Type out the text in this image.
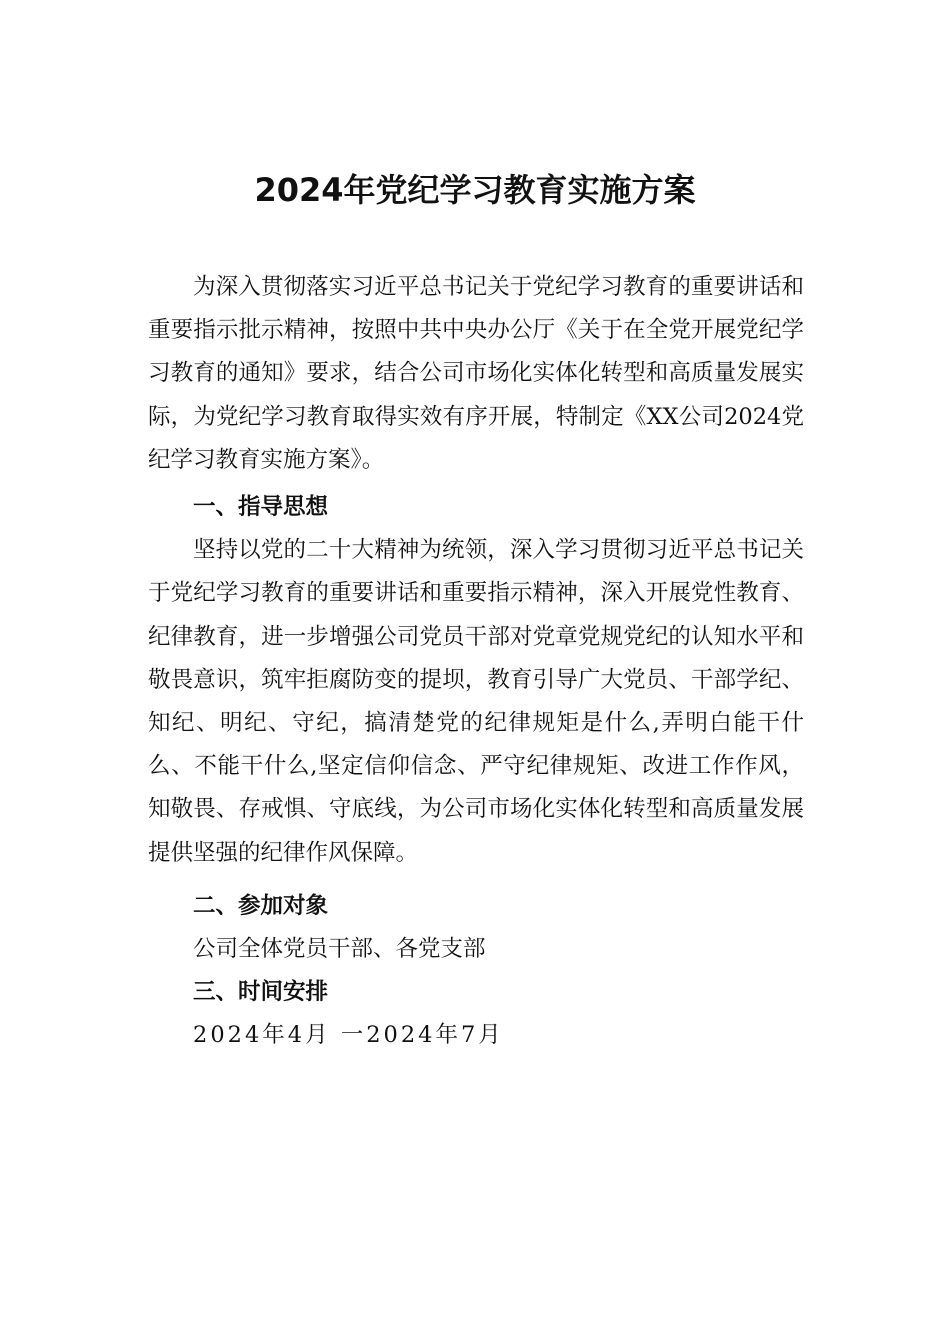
2024年党纪学习教育实施方案

为深入贯彻落实习近平总书记关于党纪学习教育的重要讲话和重要指示批示精神，按照中共中央办公厅《关于在全党开展党纪学习教育的通知》要求，结合公司市场化实体化转型和高质量发展实际，为党纪学习教育取得实效有序开展，特制定《XX公司2024党纪学习教育实施方案》。

一、指导思想

坚持以党的二十大精神为统领，深入学习贯彻习近平总书记关于党纪学习教育的重要讲话和重要指示精神，深入开展党性教育、纪律教育，进一步增强公司党员干部对党章党规党纪的认知水平和敬畏意识，筑牢拒腐防变的提坝，教育引导广大党员、干部学纪、知纪、明纪、守纪，搞清楚党的纪律规矩是什么,弄明白能干什么、不能干什么,坚定信仰信念、严守纪律规矩、改进工作作风，知敬畏、存戒惧、守底线，为公司市场化实体化转型和高质量发展提供坚强的纪律作风保障。

二、参加对象

公司全体党员干部、各党支部

三、时间安排

2024年4月 一2024年7月
